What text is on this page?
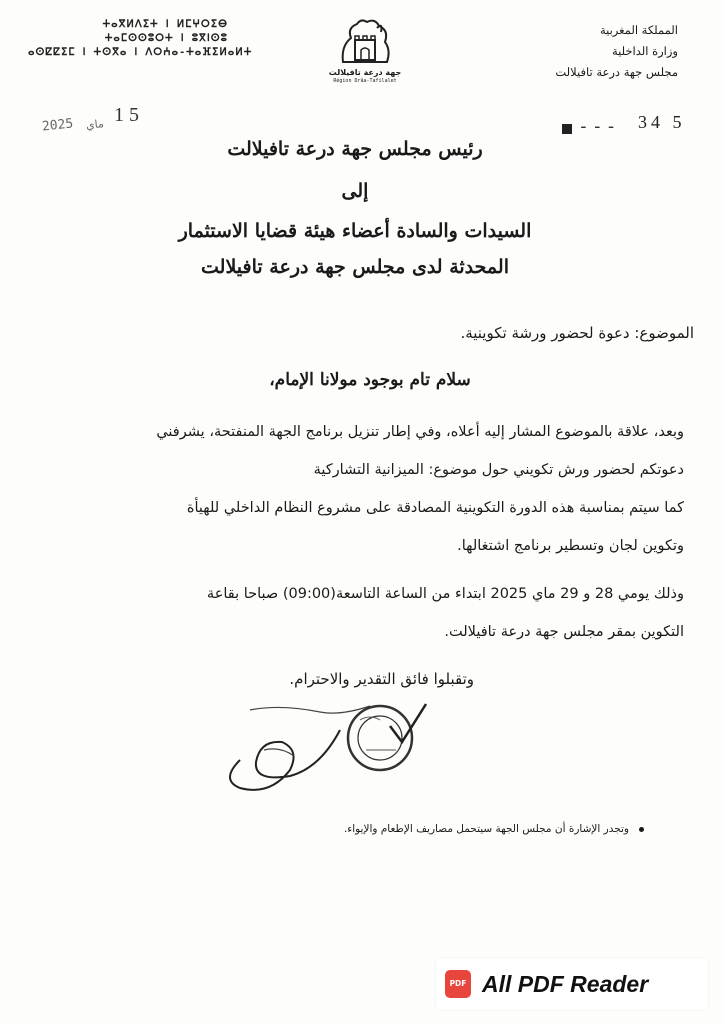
ⵜⴰⴳⵍⴷⵉⵜ ⵏ ⵍⵎⵖⵔⵉⴱ
ⵜⴰⵎⵙⵙⵓⵔⵜ ⵏ ⵓⴳⵏⵙⵓ
ⴰⵙⵇⵇⵉⵎ ⵏ ⵜⵙⴳⴰ ⵏ ⴷⵔⵄⴰ-ⵜⴰⴼⵉⵍⴰⵍⵜ
جهة درعة تافيلالت
Région Drâa-Tafilalet
المملكة المغربية
وزارة الداخلية
مجلس جهة درعة تافيلالت
2025 ماي 1 5
--- 34 5
رئيس مجلس جهة درعة تافيلالت
إلى
السيدات والسادة أعضاء هيئة قضايا الاستثمار
المحدثة لدى مجلس جهة درعة تافيلالت
الموضوع: دعوة لحضور ورشة تكوينية.
سلام تام بوجود مولانا الإمام،
وبعد، علاقة بالموضوع المشار إليه أعلاه، وفي إطار تنزيل برنامج الجهة المنفتحة، يشرفني
دعوتكم لحضور ورش تكويني حول موضوع: الميزانية التشاركية
كما سيتم بمناسبة هذه الدورة التكوينية المصادقة على مشروع النظام الداخلي للهيأة
وتكوين لجان وتسطير برنامج اشتغالها.
وذلك يومي 28 و 29 ماي 2025 ابتداء من الساعة التاسعة(09:00) صباحا بقاعة
التكوين بمقر مجلس جهة درعة تافيلالت.
وتقبلوا فائق التقدير والاحترام.
وتجدر الإشارة أن مجلس الجهة سيتحمل مصاريف الإطعام والإيواء.
PDF All PDF Reader
